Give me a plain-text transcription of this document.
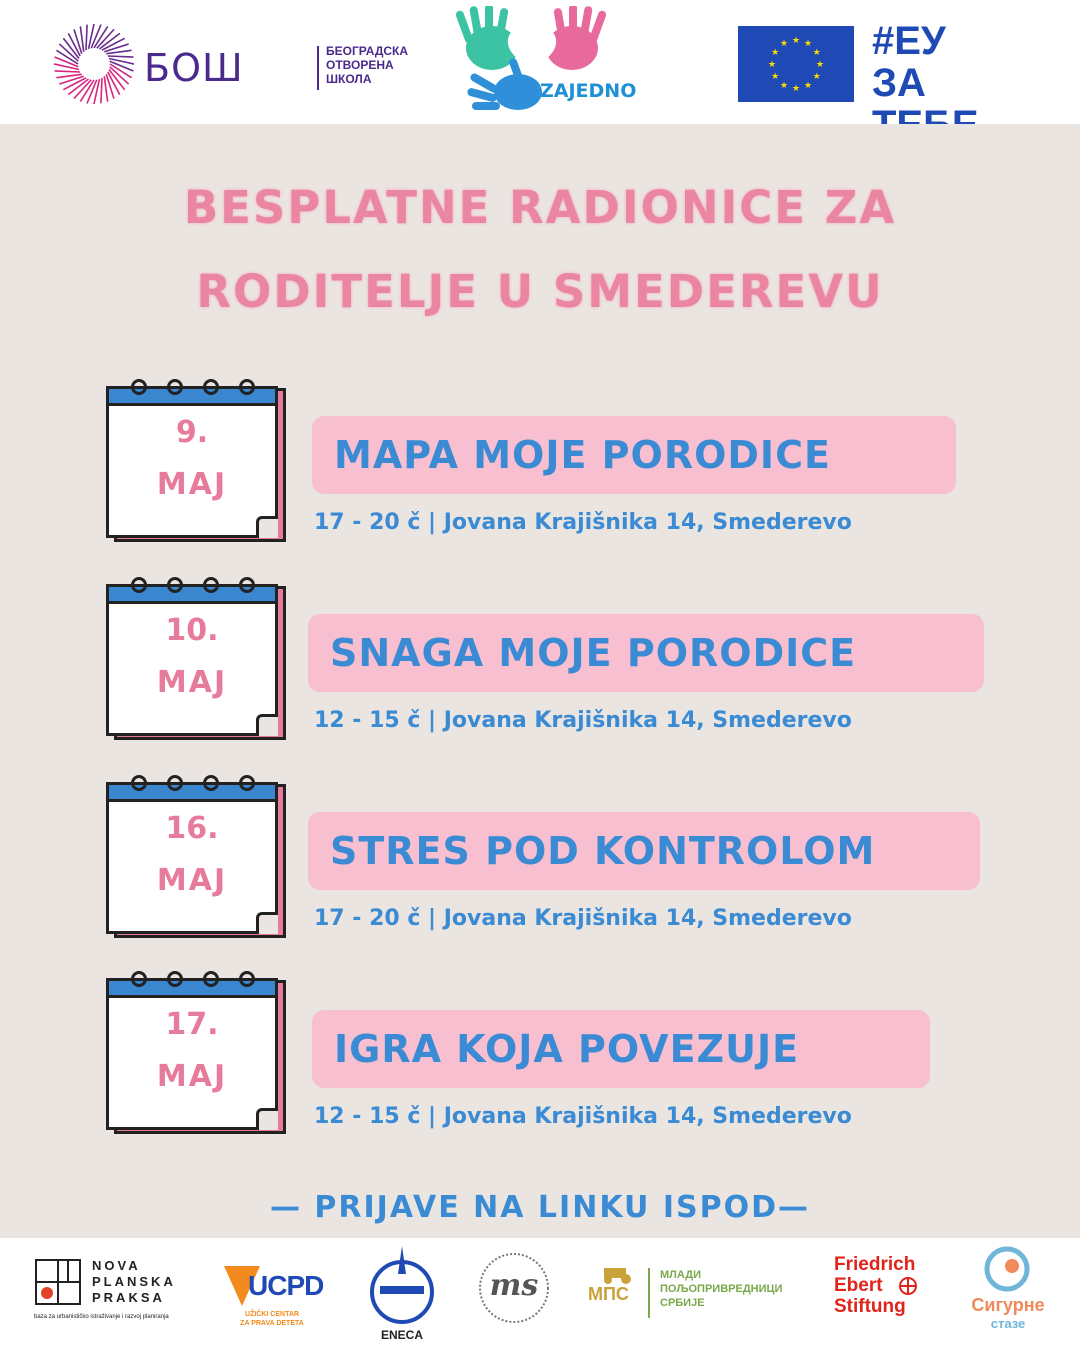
БОШ	БЕОГРАДСКА
ОТВОРЕНА
ШКОЛА
ZAJEDNO
★
★
★
★
★
★
★
★
★ ★ ★
★ #ЕУ
ЗА
BESPLATNE RADIONICE ZA
RODITELJE U SMEDEREVU
9.
MAJ
MAPA MOJE PORODICE
17 - 20 č | Jovana Krajišnika 14, Smederevo
10.
MAJ
SNAGA MOJE PORODICE
12 - 15 č | Jovana Krajišnika 14, Smederevo
16.
MAJ
STRES POD KONTROLOM
17 - 20 č | Jovana Krajišnika 14, Smederevo
17.
MAJ
IGRA KOJA POVEZUJE
12 - 15 č | Jovana Krajišnika 14, Smederevo
— PRIJAVE NA LINKU ISPOD—
NOVA
PLANSKA
PRAKSA
baza za urbanističko istraživanje i razvoj planiranja
UCPD
UŽIČKI CENTAR
ZA PRAVA DETETA
ENECA
ms	МПС
МЛАДИ
ПОЉОПРИВРЕДНИЦИ
СРБИЈЕ
Friedrich
Ebert
Stiftung	Сигурне
стазе
